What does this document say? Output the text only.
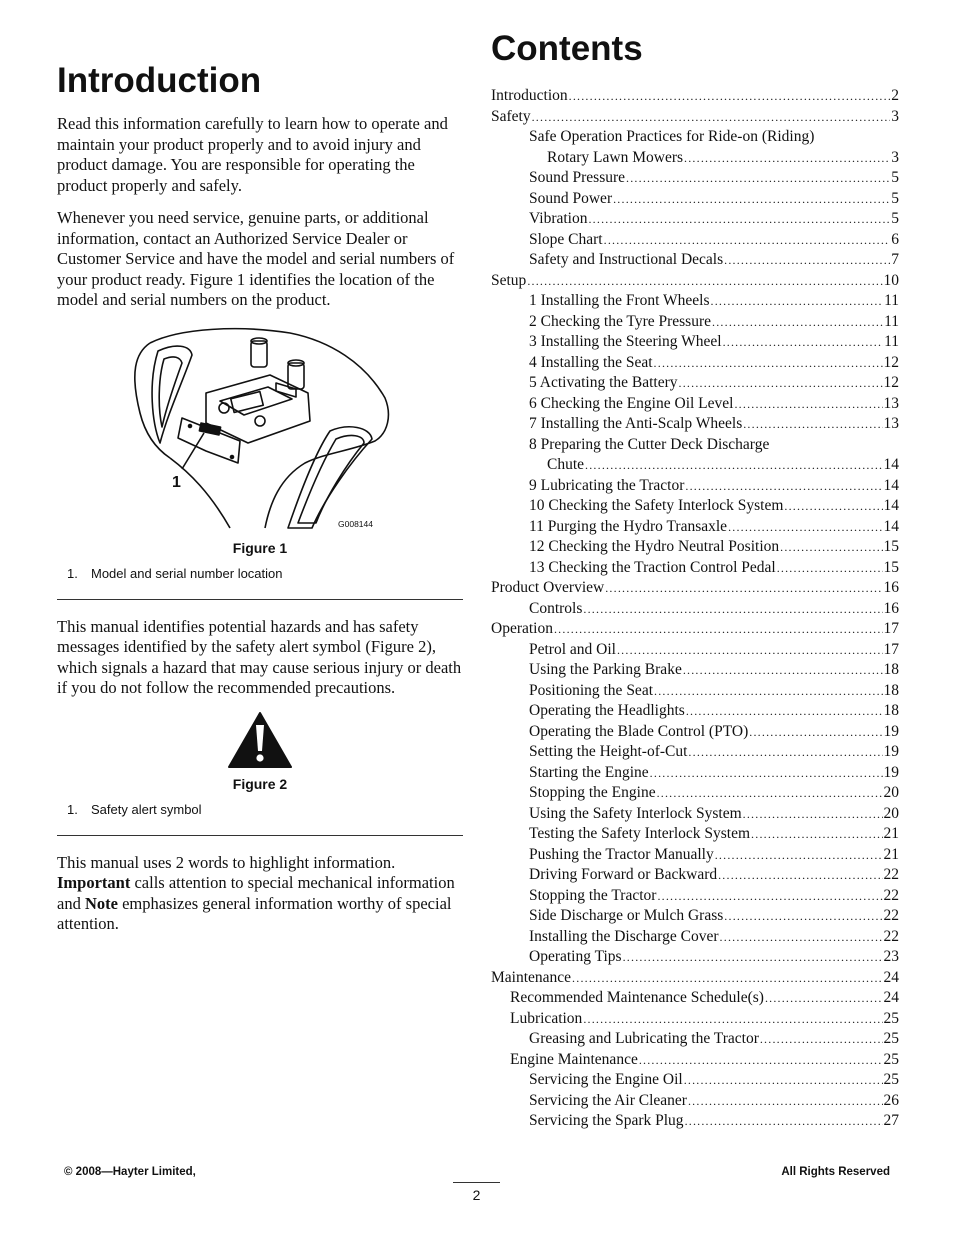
Introduction

Read this information carefully to learn how to operate and maintain your product properly and to avoid injury and product damage. You are responsible for operating the product properly and safely.

Whenever you need service, genuine parts, or additional information, contact an Authorized Service Dealer or Customer Service and have the model and serial numbers of your product ready. Figure 1 identifies the location of the model and serial numbers on the product.

1
G008144
Figure 1
1. Model and serial number location

This manual identifies potential hazards and has safety messages identified by the safety alert symbol (Figure 2), which signals a hazard that may cause serious injury or death if you do not follow the recommended precautions.

Figure 2
1. Safety alert symbol

This manual uses 2 words to highlight information. Important calls attention to special mechanical information and Note emphasizes general information worthy of special attention.

Contents
Introduction .....	2
Safety .....	3
Safe Operation Practices for Ride-on (Riding)
Rotary Lawn Mowers .....	3
Sound Pressure .....	5
Sound Power .....	5
Vibration .....	5
Slope Chart .....	6
Safety and Instructional Decals .....	7
Setup .....	10
1 Installing the Front Wheels .....	11
2 Checking the Tyre Pressure .....	11
3 Installing the Steering Wheel .....	11
4 Installing the Seat .....	12
5 Activating the Battery .....	12
6 Checking the Engine Oil Level .....	13
7 Installing the Anti-Scalp Wheels .....	13
8 Preparing the Cutter Deck Discharge
Chute .....	14
9 Lubricating the Tractor .....	14
10 Checking the Safety Interlock System .....	14
11 Purging the Hydro Transaxle .....	14
12 Checking the Hydro Neutral Position .....	15
13 Checking the Traction Control Pedal .....	15
Product Overview .....	16
Controls .....	16
Operation .....	17
Petrol and Oil .....	17
Using the Parking Brake .....	18
Positioning the Seat .....	18
Operating the Headlights .....	18
Operating the Blade Control (PTO) .....	19
Setting the Height-of-Cut .....	19
Starting the Engine .....	19
Stopping the Engine .....	20
Using the Safety Interlock System .....	20
Testing the Safety Interlock System .....	21
Pushing the Tractor Manually .....	21
Driving Forward or Backward .....	22
Stopping the Tractor .....	22
Side Discharge or Mulch Grass .....	22
Installing the Discharge Cover .....	22
Operating Tips .....	23
Maintenance .....	24
Recommended Maintenance Schedule(s) .....	24
Lubrication .....	25
Greasing and Lubricating the Tractor .....	25
Engine Maintenance .....	25
Servicing the Engine Oil .....	25
Servicing the Air Cleaner .....	26
Servicing the Spark Plug .....	27
© 2008—Hayter Limited,	All Rights Reserved
2
